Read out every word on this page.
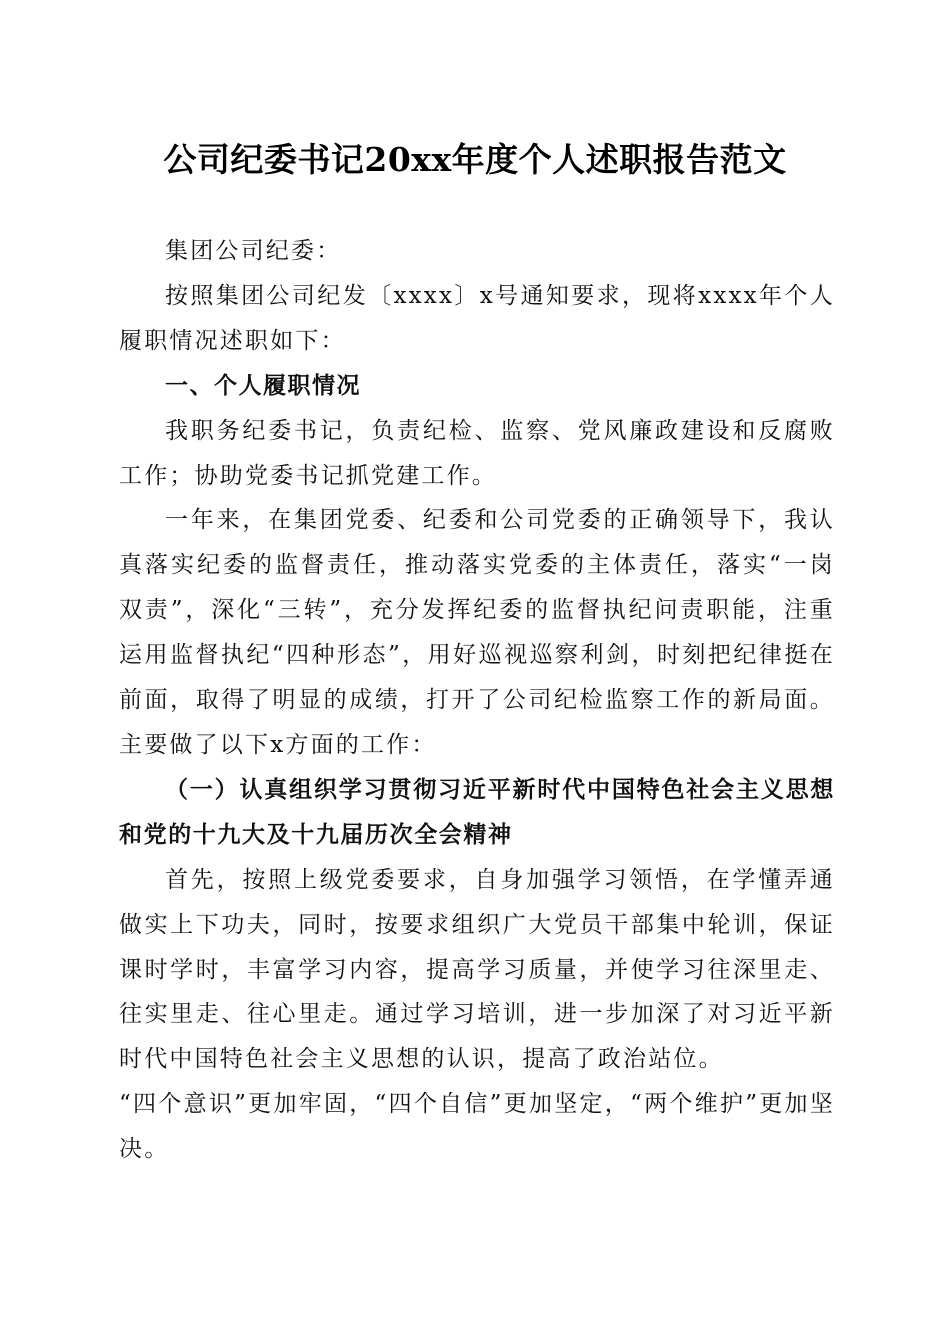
公司纪委书记20xx年度个人述职报告范文

集团公司纪委：

按照集团公司纪发〔xxxx〕x号通知要求，现将xxxx年个人履职情况述职如下：

一、个人履职情况

我职务纪委书记，负责纪检、监察、党风廉政建设和反腐败工作；协助党委书记抓党建工作。

一年来，在集团党委、纪委和公司党委的正确领导下，我认真落实纪委的监督责任，推动落实党委的主体责任，落实“一岗双责”，深化“三转”，充分发挥纪委的监督执纪问责职能，注重运用监督执纪“四种形态”，用好巡视巡察利剑，时刻把纪律挺在前面，取得了明显的成绩，打开了公司纪检监察工作的新局面。主要做了以下x方面的工作：

（一）认真组织学习贯彻习近平新时代中国特色社会主义思想和党的十九大及十九届历次全会精神

首先，按照上级党委要求，自身加强学习领悟，在学懂弄通做实上下功夫，同时，按要求组织广大党员干部集中轮训，保证课时学时，丰富学习内容，提高学习质量，并使学习往深里走、往实里走、往心里走。通过学习培训，进一步加深了对习近平新时代中国特色社会主义思想的认识，提高了政治站位。

“四个意识”更加牢固，“四个自信”更加坚定，“两个维护”更加坚决。
